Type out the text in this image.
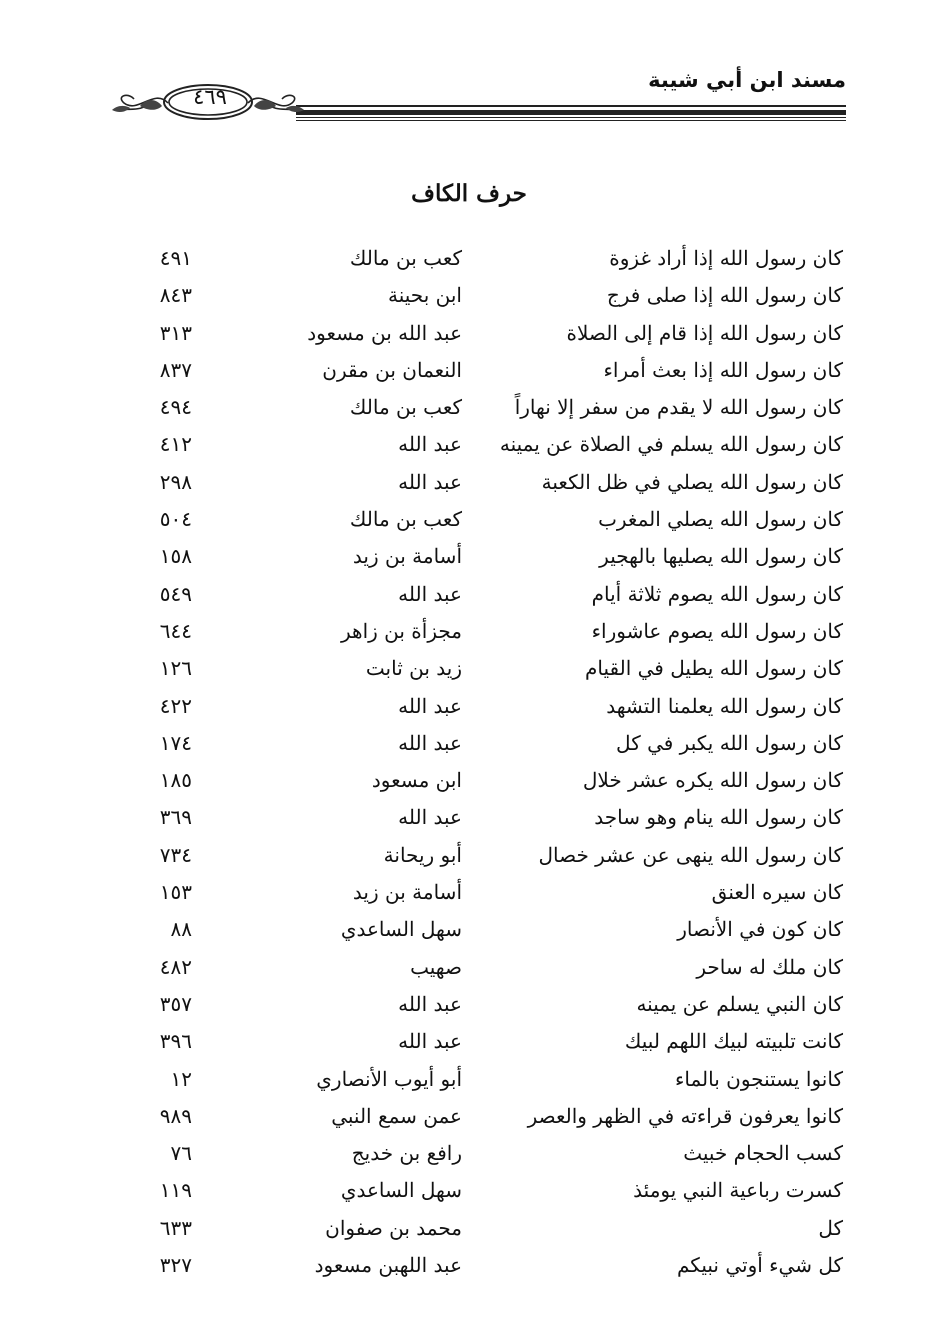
مسند ابن أبي شيبة
٤٦٩
حرف الكاف
كان رسول الله إذا أراد غزوة
كعب بن مالك
٤٩١
كان رسول الله إذا صلى فرج
ابن بحينة
٨٤٣
كان رسول الله إذا قام إلى الصلاة
عبد الله بن مسعود
٣١٣
كان رسول الله إذا بعث أمراء
النعمان بن مقرن
٨٣٧
كان رسول الله لا يقدم من سفر إلا نهاراً
كعب بن مالك
٤٩٤
كان رسول الله يسلم في الصلاة عن يمينه
عبد الله
٤١٢
كان رسول الله يصلي في ظل الكعبة
عبد الله
٢٩٨
كان رسول الله يصلي المغرب
كعب بن مالك
٥٠٤
كان رسول الله يصليها بالهجير
أسامة بن زيد
١٥٨
كان رسول الله يصوم ثلاثة أيام
عبد الله
٥٤٩
كان رسول الله يصوم عاشوراء
مجزأة بن زاهر
٦٤٤
كان رسول الله يطيل في القيام
زيد بن ثابت
١٢٦
كان رسول الله يعلمنا التشهد
عبد الله
٤٢٢
كان رسول الله يكبر في كل
عبد الله
١٧٤
كان رسول الله يكره عشر خلال
ابن مسعود
١٨٥
كان رسول الله ينام وهو ساجد
عبد الله
٣٦٩
كان رسول الله ينهى عن عشر خصال
أبو ريحانة
٧٣٤
كان سيره العنق
أسامة بن زيد
١٥٣
كان كون في الأنصار
سهل الساعدي
٨٨
كان ملك له ساحر
صهيب
٤٨٢
كان النبي يسلم عن يمينه
عبد الله
٣٥٧
كانت تلبيته لبيك اللهم لبيك
عبد الله
٣٩٦
كانوا يستنجون بالماء
أبو أيوب الأنصاري
١٢
كانوا يعرفون قراءته في الظهر والعصر
عمن سمع النبي
٩٨٩
كسب الحجام خبيث
رافع بن خديج
٧٦
كسرت رباعية النبي يومئذ
سهل الساعدي
١١٩
كل
محمد بن صفوان
٦٣٣
كل شيء أوتي نبيكم
عبد اللهبن مسعود
٣٢٧
